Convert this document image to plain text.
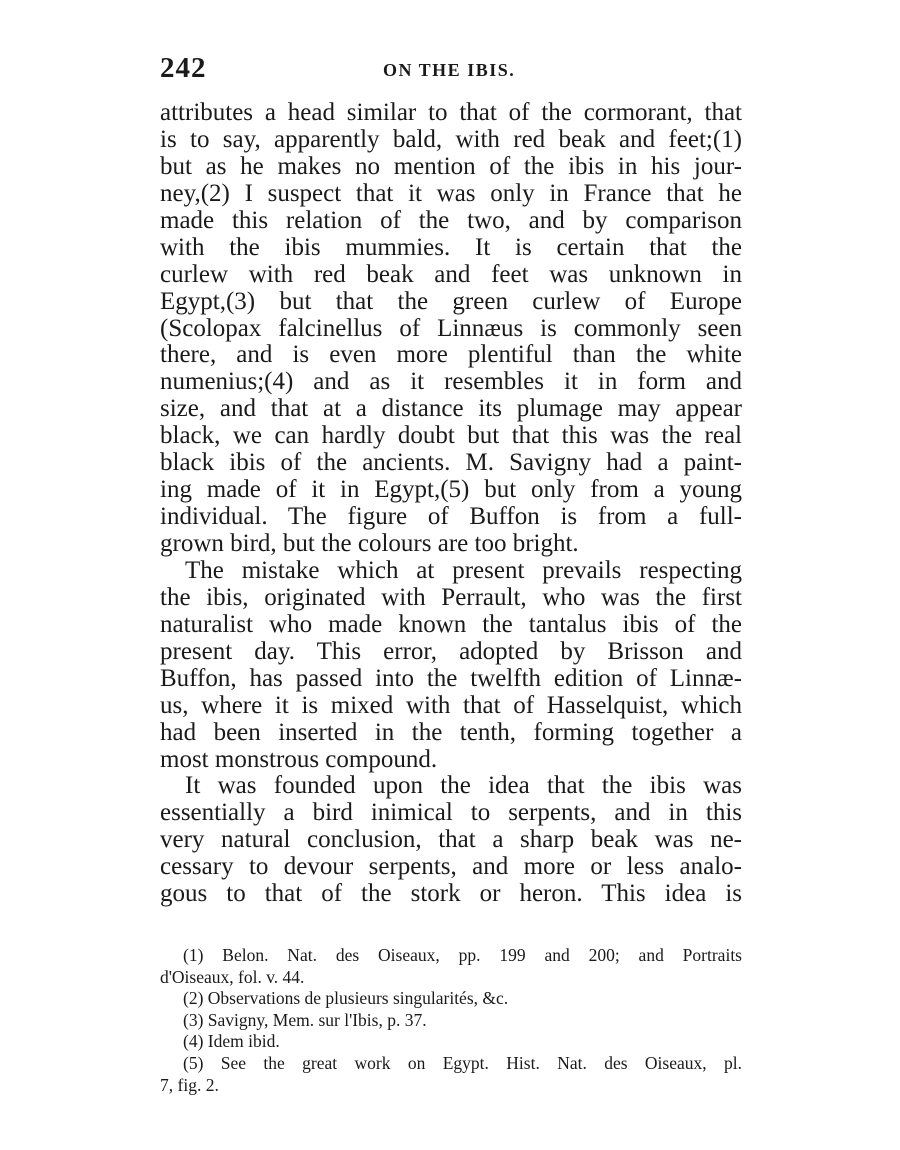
242	ON THE IBIS.
attributes a head similar to that of the cormorant, that
is to say, apparently bald, with red beak and feet;(1)
but as he makes no mention of the ibis in his jour-
ney,(2) I suspect that it was only in France that he
made this relation of the two, and by comparison
with the ibis mummies. It is certain that the
curlew with red beak and feet was unknown in
Egypt,(3) but that the green curlew of Europe
(Scolopax falcinellus of Linnæus is commonly seen
there, and is even more plentiful than the white
numenius;(4) and as it resembles it in form and
size, and that at a distance its plumage may appear
black, we can hardly doubt but that this was the real
black ibis of the ancients. M. Savigny had a paint-
ing made of it in Egypt,(5) but only from a young
individual. The figure of Buffon is from a full-
grown bird, but the colours are too bright.
The mistake which at present prevails respecting
the ibis, originated with Perrault, who was the first
naturalist who made known the tantalus ibis of the
present day. This error, adopted by Brisson and
Buffon, has passed into the twelfth edition of Linnæ-
us, where it is mixed with that of Hasselquist, which
had been inserted in the tenth, forming together a
most monstrous compound.
It was founded upon the idea that the ibis was
essentially a bird inimical to serpents, and in this
very natural conclusion, that a sharp beak was ne-
cessary to devour serpents, and more or less analo-
gous to that of the stork or heron. This idea is
(1) Belon. Nat. des Oiseaux, pp. 199 and 200; and Portraits
d'Oiseaux, fol. v. 44.
(2) Observations de plusieurs singularités, &c.
(3) Savigny, Mem. sur l'Ibis, p. 37.
(4) Idem ibid.
(5) See the great work on Egypt. Hist. Nat. des Oiseaux, pl.
7, fig. 2.
